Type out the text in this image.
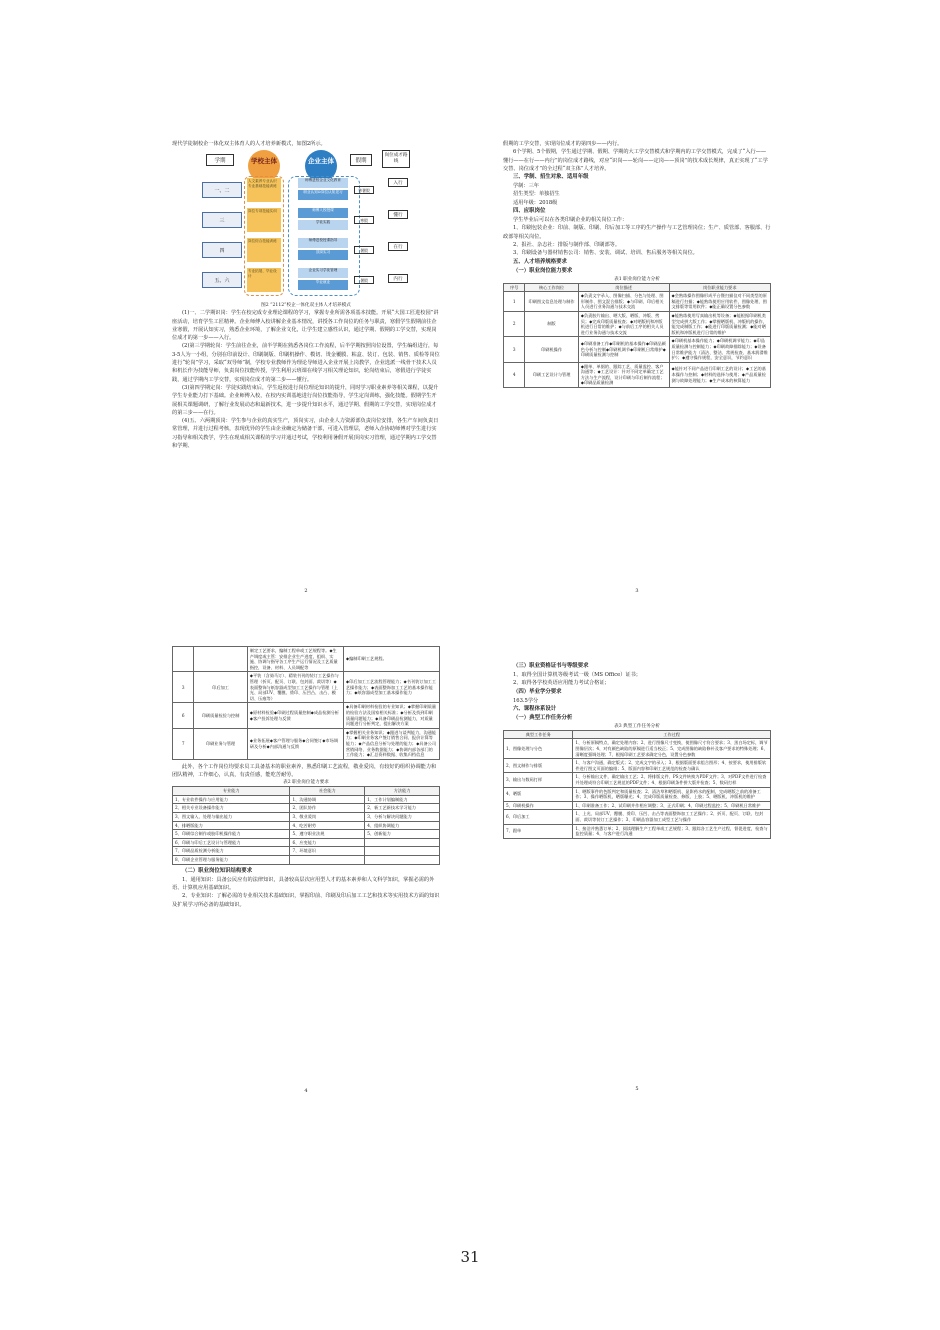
现代学徒制校企一体化双主体育人的人才培养新模式，如图2所示。

学期	学校主体	企业主体	假期
岗位成才路线
一、二
人文素养专业认识专业基础技能训练
师傅进校企业文化教育
职业认知&岗位认知见习	寒暑假
入行
三
岗位专项技能实训	师傅入校授课
学徒实践	寒假
懂行
四
岗位综合技能训练	师傅进校授课指导
顶岗实习	暑假
在行
五、六
专业拓展、毕业设计
企业实习学徒管理
毕业就业	暑假	内行

图2 “2112”校企一体化双主体人才培养模式

(1)一、二学期识岗：学生在校完成专业理论课程的学习，掌握专业所需各项基本技能。开展“大国工匠进校园”讲座活动，培育学生工匠精神。企业师傅入校讲解企业基本情况，讲授各工作岗位的任务与职责，寒假学生假期前往企业寒假，开展认知实习，熟悉企业环境，了解企业文化，让学生建立感性认识，通过学期、假期的工学交替，实现岗位成才的第一步——入行。

(2)第三学期轮岗：学生前往企业，前半学期在熟悉各岗位工作流程，后半学期按照岗位设置，学生编组进行，每3-5人为一小组，分别在印前设计、印刷制版、印刷机操作、模切、烫金覆膜、粘盒、装订、包装、销售、质检等岗位进行“轮岗”学习，采取“双导师”制，学校专业教师作为理论导师进入企业开展上岗教学，企业选派一线骨干技术人员和机长作为技能导师，负责岗位技能传授，学生利用云班课在线学习相关理论知识，轮岗结束后，寒假进行学徒实践，通过学期内工学交替，实现岗位成才的第二步——懂行。

(3)第四学期定岗：学徒实践结束后，学生返校进行岗位理论知识的提升，同时学习职业素养等相关课程，以提升学生专业能力打下基础。企业师傅入校，在校内实训基地进行岗位技能指导，学生定岗训练，强化技能。假期学生开展相关课题调研，了解行业发展动态和最新技术，进一步提升知识水平，通过学期、假期的工学交替，实现岗位成才的第三步——在行。

(4)五、六两期顶岗：学生参与企业的真实生产，顶岗实习，由企业人力资源部负责岗位安排，各生产车间负责日常管理，并进行过程考核，表现优异的学生由企业确定为储备干部，可进入管理层，老师入企协助师傅对学生进行实习指导和相关教学，学生在现成相关课程的学习并通过考试，学校利用暑假开展顶岗实习管理，通过学期内工学交替和学期、

2

假期的工学交替，实现岗位成才的第四步——内行。

6个学期、5个假期，学生通过学期、假期、学期的大工学交替模式和学期内的工学交替模式，完成了“入行——懂行——在行——内行”的岗位成才路线，对应“识岗——轮岗——定岗——顶岗”的技术成长规律，真正实现了“工学交替、岗位成才”的全过程“双主体”人才培养。

三、学制、招生对象、适用年级

学制：三年

招生类型：单独招生

适用年级：2018级

四、应职岗位

学生毕业后可以在各类印刷企业的相关岗位工作：

1、印刷包装企业：印前、制版、印刷、印后加工等工序的生产操作与工艺管理岗位；生产、质管部、客服部、行政部等相关岗位。

2、报社、杂志社：排版与制作部、印刷部等。

3、印刷设备与器材销售公司：销售、安装、调试、培训、售后服务等相关岗位。

五、人才培养规格要求

（一）职业岗位能力要求

表1 职业岗位能力分析

序号	核心工作岗位	岗位描述	岗位职业能力要求
1	印刷图文信息处理与制作	◆负责文字录入、图像扫描、分色与处理、图形制作、图文混合排版；◆与印刷、印后相关人员进行业务沟通与技术交流	◆会熟练操作图像形成平台暨扫描仪对不同类型的原稿进行扫描；◆能熟练使用应用软件，图像处理、图文排版等常用软件；◆能正确设置分色参数
2	制版	◆负责胶片输出、晒大版、晒版、冲版、拷贝；◆完成印版质量检查；◆对晒版机和冲版机进行日常的维护；◆与前后工序的相关人员进行业务沟通与技术交流	◆能熟练使用写真输出机等设备；◆能根据印刷机类型完成拼大版工作；◆掌握晒版机、冲版机的操作，能完成制版工作；◆能进行印版质量检测；◆能对晒版机和冲版机进行日常的维护
3	印刷机操作	◆印刷准备工作◆印刷机的基本操作◆印刷品颜色分析与控制◆印刷机调节◆印刷机日常维护◆印刷质量检测与控制	◆印刷机基本操作能力；◆印刷机调节能力；◆印品质量检测与控制能力；◆印刷故障排除能力；◆设备日常维护能力（清洁、整洁、常规检查、基本润滑维护）；◆遵守操作规程，安全意识，节约意识
4	印刷工艺设计与管理	◆跟单、单据的、跟踪工艺、质量监控、客户沟通等；◆工艺设计：针对不同定单确定工艺方法与生产流程，设计印刷与印后制作流程；◆印刷品质量检测	◆能针对不同产品进行印刷工艺的设计；◆工艺的基本操作与控制；◆材料的选择与使用；◆产品质量检测与故障处理能力；◆生产成本的核算能力
3
		制定工艺要求，编制工程单或工艺规程等。◆生产调度或主管：安排企业生产进度，组织、实施、协调与指导各工序生产运行情况及工艺质量指控，设备、材料、人员调配等	◆编制印刷工艺规程。
3	印后加工	◆平装（含骑马订）、精装书刊的装订工艺操作与管理（折页、配页、订联、包封面、裁切等）◆表面整饰与纸容器成型加工工艺操作与管理（上光、局部UV、覆膜、烫印、压凹凸、击凸、模切、压痕等）	◆印后加工工艺流程管理能力；◆书刊装订加工工艺操作能力；◆表面整饰加工工艺的基本操作能力；◆纸容器成型加工基本操作能力
6	印刷质量检验与控制	◆原材料检验◆印刷过程质量控制◆成品检测分析◆客户投诉处理与反馈	◆具备印刷材料检验的专业知识；◆掌握印刷质量的检验方法及国家相关标准；◆分析及找到印刷质量问题能力；◆具备印刷品检测能力，对质量问题进行分析判定，提出解决方案
7	印刷业务与管理	◆业务拓展◆客户管理与服务◆合同签订◆市场调研及分析◆内部沟通与反馈	◆掌握相关业务知识；◆跟进与谈判能力，沟通能力；◆印刷业务客户签订销售合同、报价计算等能力；◆产品信息分析与处理的能力；◆具备公司营销网络、业务数据能力；◆协调内部各部门的工作能力；◆汇总资料数据、收集归档信息

此外，各个工作岗位均要求员工具备基本的职业素养，熟悉印刷工艺流程，敬业爱岗，有较好的组织协调能力和团队精神，工作细心，认真，有责任感，能吃苦耐劳。

表2 职业岗位能力要求

专业能力	社会能力	方法能力
1、专业软件操作与应用能力	1、沟通协调	1、工作计划编制能力
2、相关专业设备操作能力	2、团队协作	2、新工艺新技术学习能力
3、图文输入、处理与输出能力	3、敬业爱岗	3、分析与解决问题能力
4、排晒版能力	4、吃苦耐劳	4、组织协调能力
5、印刷综合制作或胶印机操作能力	5、遵守职业法规	5、创新能力
6、印刷与印后工艺设计与管理能力	6、应变能力	
7、印刷品质检测分析能力	7、环境意识	
8、印刷企业管理与服务能力		

（二）职业岗位知识结构要求

1、通用知识：具备公民应有的法律知识，具备较高层次应用型人才的基本素养和人文科学知识，掌握必需的外语、计算机应用基础知识。

2、专业知识：了解必需的专业相关技术基础知识，掌握印前、印刷及印后加工工艺和技术等实用技术方面的知识及扩展学习所必备的基础知识。

4

（三）职业资格证书与等级要求

1、取得全国计算机等级考试一级（MS Office）证书；

2、取得各学校英语应用能力考试合格证；

（四）毕业学分要求

163.5学分

六、课程体系设计

（一）典型工作任务分析

表3 典型工作任务分析

典型工作任务	工作过程
1、图像处理与分色	1、分析原稿特点，确定处理内容；2、进行图像尺寸变换，使图像尺寸符合要求；3、黑白场定标，调节图像层次；4、对有颜色缺陷的原稿进行适当校正；5、完成图像的缺陷修补及客户要求的特殊处理；6、清晰度强调处理；7、根据印刷工艺要求确定分色，设置分色参数
2、图文制作与排版	1、与客户沟通，确定版式；2、完成文字的录入；3、根据版面要求组合图形；4、按要求，使用排版软件进行图文页面的编排；5、版面内容和印刷工艺规范的检查与确认
3、输出与数码打样	1、分析输出文件，确定输出工艺；2、将排版文件、PS文件转换为PDF文件；3、对PDF文件进行检查并处理成符合印刷工艺规范的PDF文件；4、根据印刷条件拼大版并检查；5、数码打样
4、晒版	1、晒版事件的色版判定和质量检查；2、清洁草和晒版机、显影药水的配制，完成晒版之前的准备工作；3、操作晒版机，晒版曝光；4、完成印版质量检查、修版、上胶；5、晒版机、冲版机的维护
5、印刷机操作	1、印刷准备工作；2、试印刷并作相应调整；3、正式印刷；4、印刷过程监控；5、印刷机日常维护
6、印后加工	1、上光、局部UV、覆膜、烫印、压凹、击凸等表面整饰加工工艺操作；2、折页、配页、订联、包封面、裁切等装订工艺操作；3、印刷品容器加工成型工艺与操作
7、跟单	1、接洽并熟悉订单；2、阅读理解生产工程单或工艺规程；3、跟踪各工艺生产过程，督促进度，检查与监控质量；4、与客户进行沟通
5
31
